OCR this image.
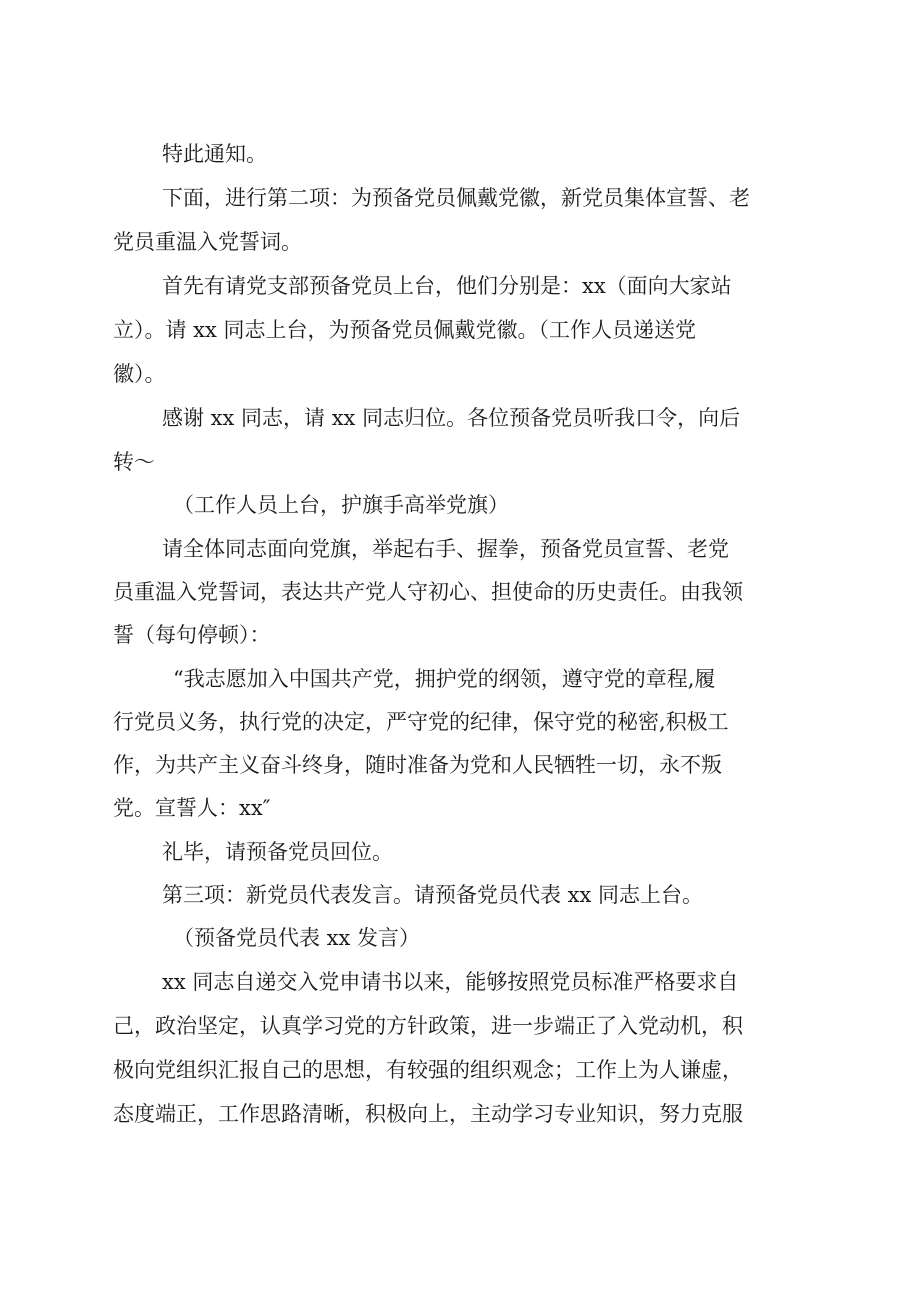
特此通知。
下面，进行第二项：为预备党员佩戴党徽，新党员集体宣誓、老
党员重温入党誓词。
首先有请党支部预备党员上台，他们分别是：xx（面向大家站
立）。请 xx 同志上台，为预备党员佩戴党徽。（工作人员递送党
徽）。
感谢 xx 同志，请 xx 同志归位。各位预备党员听我口令，向后
转～
（工作人员上台，护旗手高举党旗）
请全体同志面向党旗，举起右手、握拳，预备党员宣誓、老党
员重温入党誓词，表达共产党人守初心、担使命的历史责任。由我领
誓（每句停顿）：
“我志愿加入中国共产党，拥护党的纲领，遵守党的章程,履
行党员义务，执行党的决定，严守党的纪律，保守党的秘密,积极工
作，为共产主义奋斗终身，随时准备为党和人民牺牲一切，永不叛
党。宣誓人：xx″
礼毕，请预备党员回位。
第三项：新党员代表发言。请预备党员代表 xx 同志上台。
（预备党员代表 xx 发言）
xx 同志自递交入党申请书以来，能够按照党员标准严格要求自
己，政治坚定，认真学习党的方针政策，进一步端正了入党动机，积
极向党组织汇报自己的思想，有较强的组织观念；工作上为人谦虚，
态度端正，工作思路清晰，积极向上，主动学习专业知识，努力克服
